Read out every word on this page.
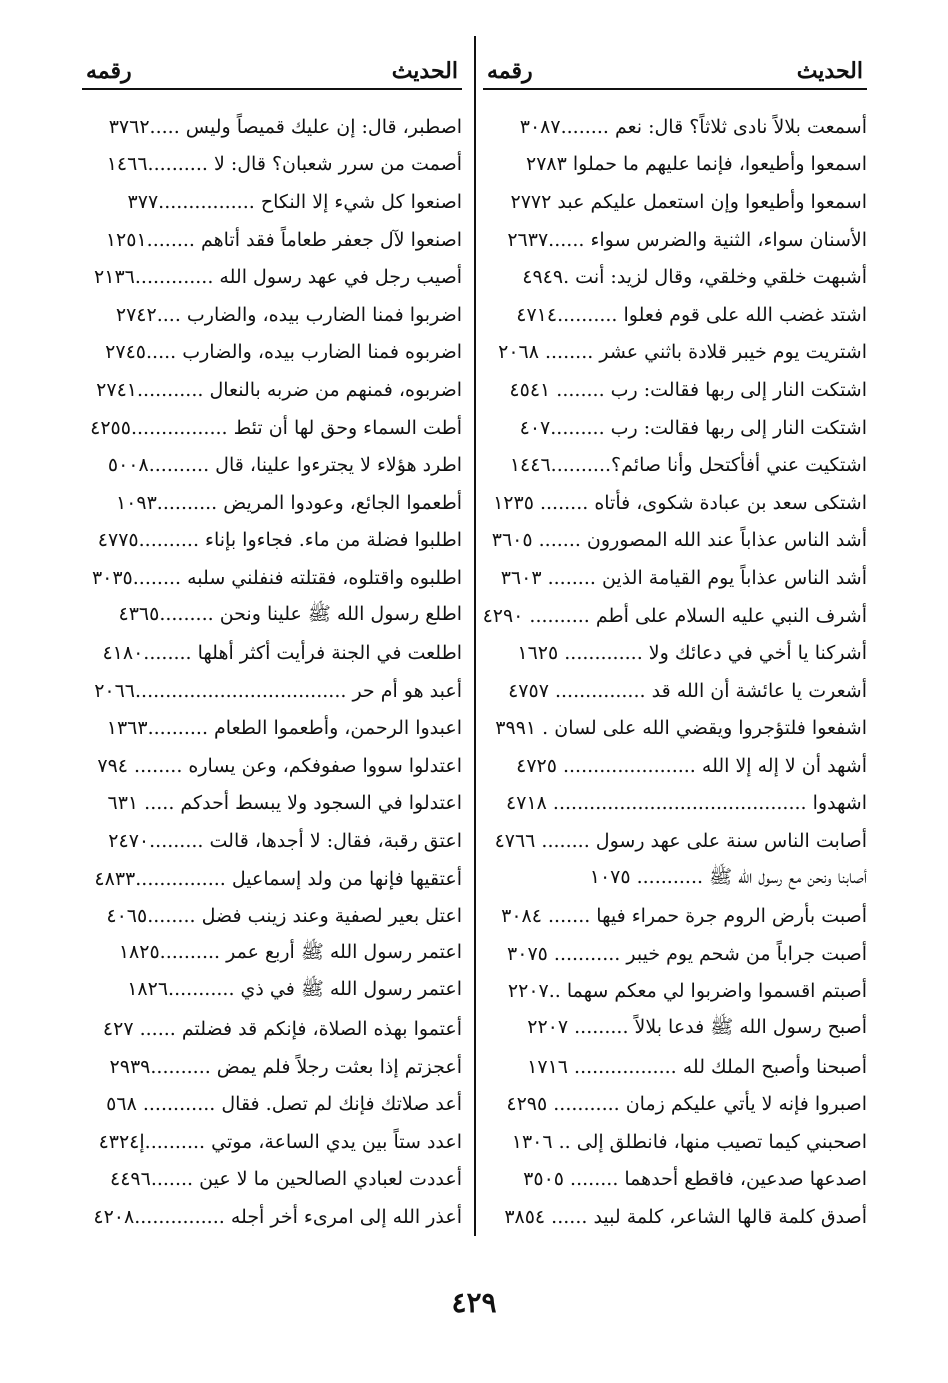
الحديث
رقمه
أسمعت بلالاً نادى ثلاثاً؟ قال: نعم ........٣٠٨٧
اسمعوا وأطيعوا، فإنما عليهم ما حملوا ٢٧٨٣
اسمعوا وأطيعوا وإن استعمل عليكم عبد ٢٧٧٢
الأسنان سواء، الثنية والضرس سواء ......٢٦٣٧
أشبهت خلقي وخلقي، وقال لزيد: أنت .٤٩٤٩
اشتد غضب الله على قوم فعلوا ..........٤٧١٤
اشتريت يوم خيبر قلادة باثني عشر ........ ٢٠٦٨
اشتكت النار إلى ربها فقالت: رب ........ ٤٥٤١
اشتكت النار إلى ربها فقالت: رب .........٤٠٧
اشتكيت عني أفأكتحل وأنا صائم؟..........١٤٤٦
اشتكى سعد بن عبادة شكوى، فأتاه ........ ١٢٣٥
أشد الناس عذاباً عند الله المصورون ....... ٣٦٠٥
أشد الناس عذاباً يوم القيامة الذين ........ ٣٦٠٣
أشرف النبي عليه السلام على أطم .......... ٤٢٩٠
أشركنا يا أخي في دعائك ولا ............. ١٦٢٥
أشعرت يا عائشة أن الله قد ............... ٤٧٥٧
اشفعوا فلتؤجروا ويقضي الله على لسان . ٣٩٩١
أشهد أن لا إله إلا الله ...................... ٤٧٢٥
اشهدوا .......................................... ٤٧١٨
أصابت الناس سنة على عهد رسول ........ ٤٧٦٦
أصابنا ونحن مع رسول الله ﷺ ........... ١٠٧٥
أصبت بأرض الروم جرة حمراء فيها ....... ٣٠٨٤
أصبت جراباً من شحم يوم خيبر ........... ٣٠٧٥
أصبتم اقسموا واضربوا لي معكم سهما ..٢٢٠٧
أصبح رسول الله ﷺ فدعا بلالاً ......... ٢٢٠٧
أصبحنا وأصبح الملك لله ................. ١٧١٦
اصبروا فإنه لا يأتي عليكم زمان ........... ٤٢٩٥
اصحبني كيما تصيب منها، فانطلق إلى .. ١٣٠٦
اصدعها صدعين، فاقطع أحدهما ........ ٣٥٠٥
أصدق كلمة قالها الشاعر، كلمة لبيد ...... ٣٨٥٤
الحديث
رقمه
اصطبر، قال: إن عليك قميصاً وليس .....٣٧٦٢
أصمت من سرر شعبان؟ قال: لا ..........١٤٦٦
اصنعوا كل شيء إلا النكاح ................٣٧٧
اصنعوا لآل جعفر طعاماً فقد أتاهم ........١٢٥١
أصيب رجل في عهد رسول الله .............٢١٣٦
اضربوا فمنا الضارب بيده، والضارب ....٢٧٤٢
اضربوه فمنا الضارب بيده، والضارب .....٢٧٤٥
اضربوه، فمنهم من ضربه بالنعال ...........٢٧٤١
أطت السماء وحق لها أن تئط ................٤٢٥٥
اطرد هؤلاء لا يجترءوا علينا، قال ..........٥٠٠٨
أطعموا الجائع، وعودوا المريض ..........١٠٩٣
اطلبوا فضلة من ماء. فجاءوا بإناء ..........٤٧٧٥
اطلبوه واقتلوه، فقتلته فنفلني سلبه ........٣٠٣٥
اطلع رسول الله ﷺ علينا ونحن .........٤٣٦٥
اطلعت في الجنة فرأيت أكثر أهلها ........٤١٨٠
أعبد هو أم حر ...................................٢٠٦٦
اعبدوا الرحمن، وأطعموا الطعام ..........١٣٦٣
اعتدلوا سووا صفوفكم، وعن يساره ........ ٧٩٤
اعتدلوا في السجود ولا يبسط أحدكم ..... ٦٣١
اعتق رقبة، فقال: لا أجدها، قالت .........٢٤٧٠
أعتقيها فإنها من ولد إسماعيل ...............٤٨٣٣
اعتل بعير لصفية وعند زينب فضل ........٤٠٦٥
اعتمر رسول الله ﷺ أربع عمر ..........١٨٢٥
اعتمر رسول الله ﷺ في ذي ...........١٨٢٦
أعتموا بهذه الصلاة، فإنكم قد فضلتم ...... ٤٢٧
أعجزتم إذا بعثت رجلاً فلم يمض ..........٢٩٣٩
أعد صلاتك فإنك لم تصل. فقال ............ ٥٦٨
اعدد ستاً بين يدي الساعة، موتي ..........إ٤٣٢٤
أعددت لعبادي الصالحين ما لا عين .......٤٤٩٦
أعذر الله إلى امرىء أخر أجله ...............٤٢٠٨
٤٢٩
